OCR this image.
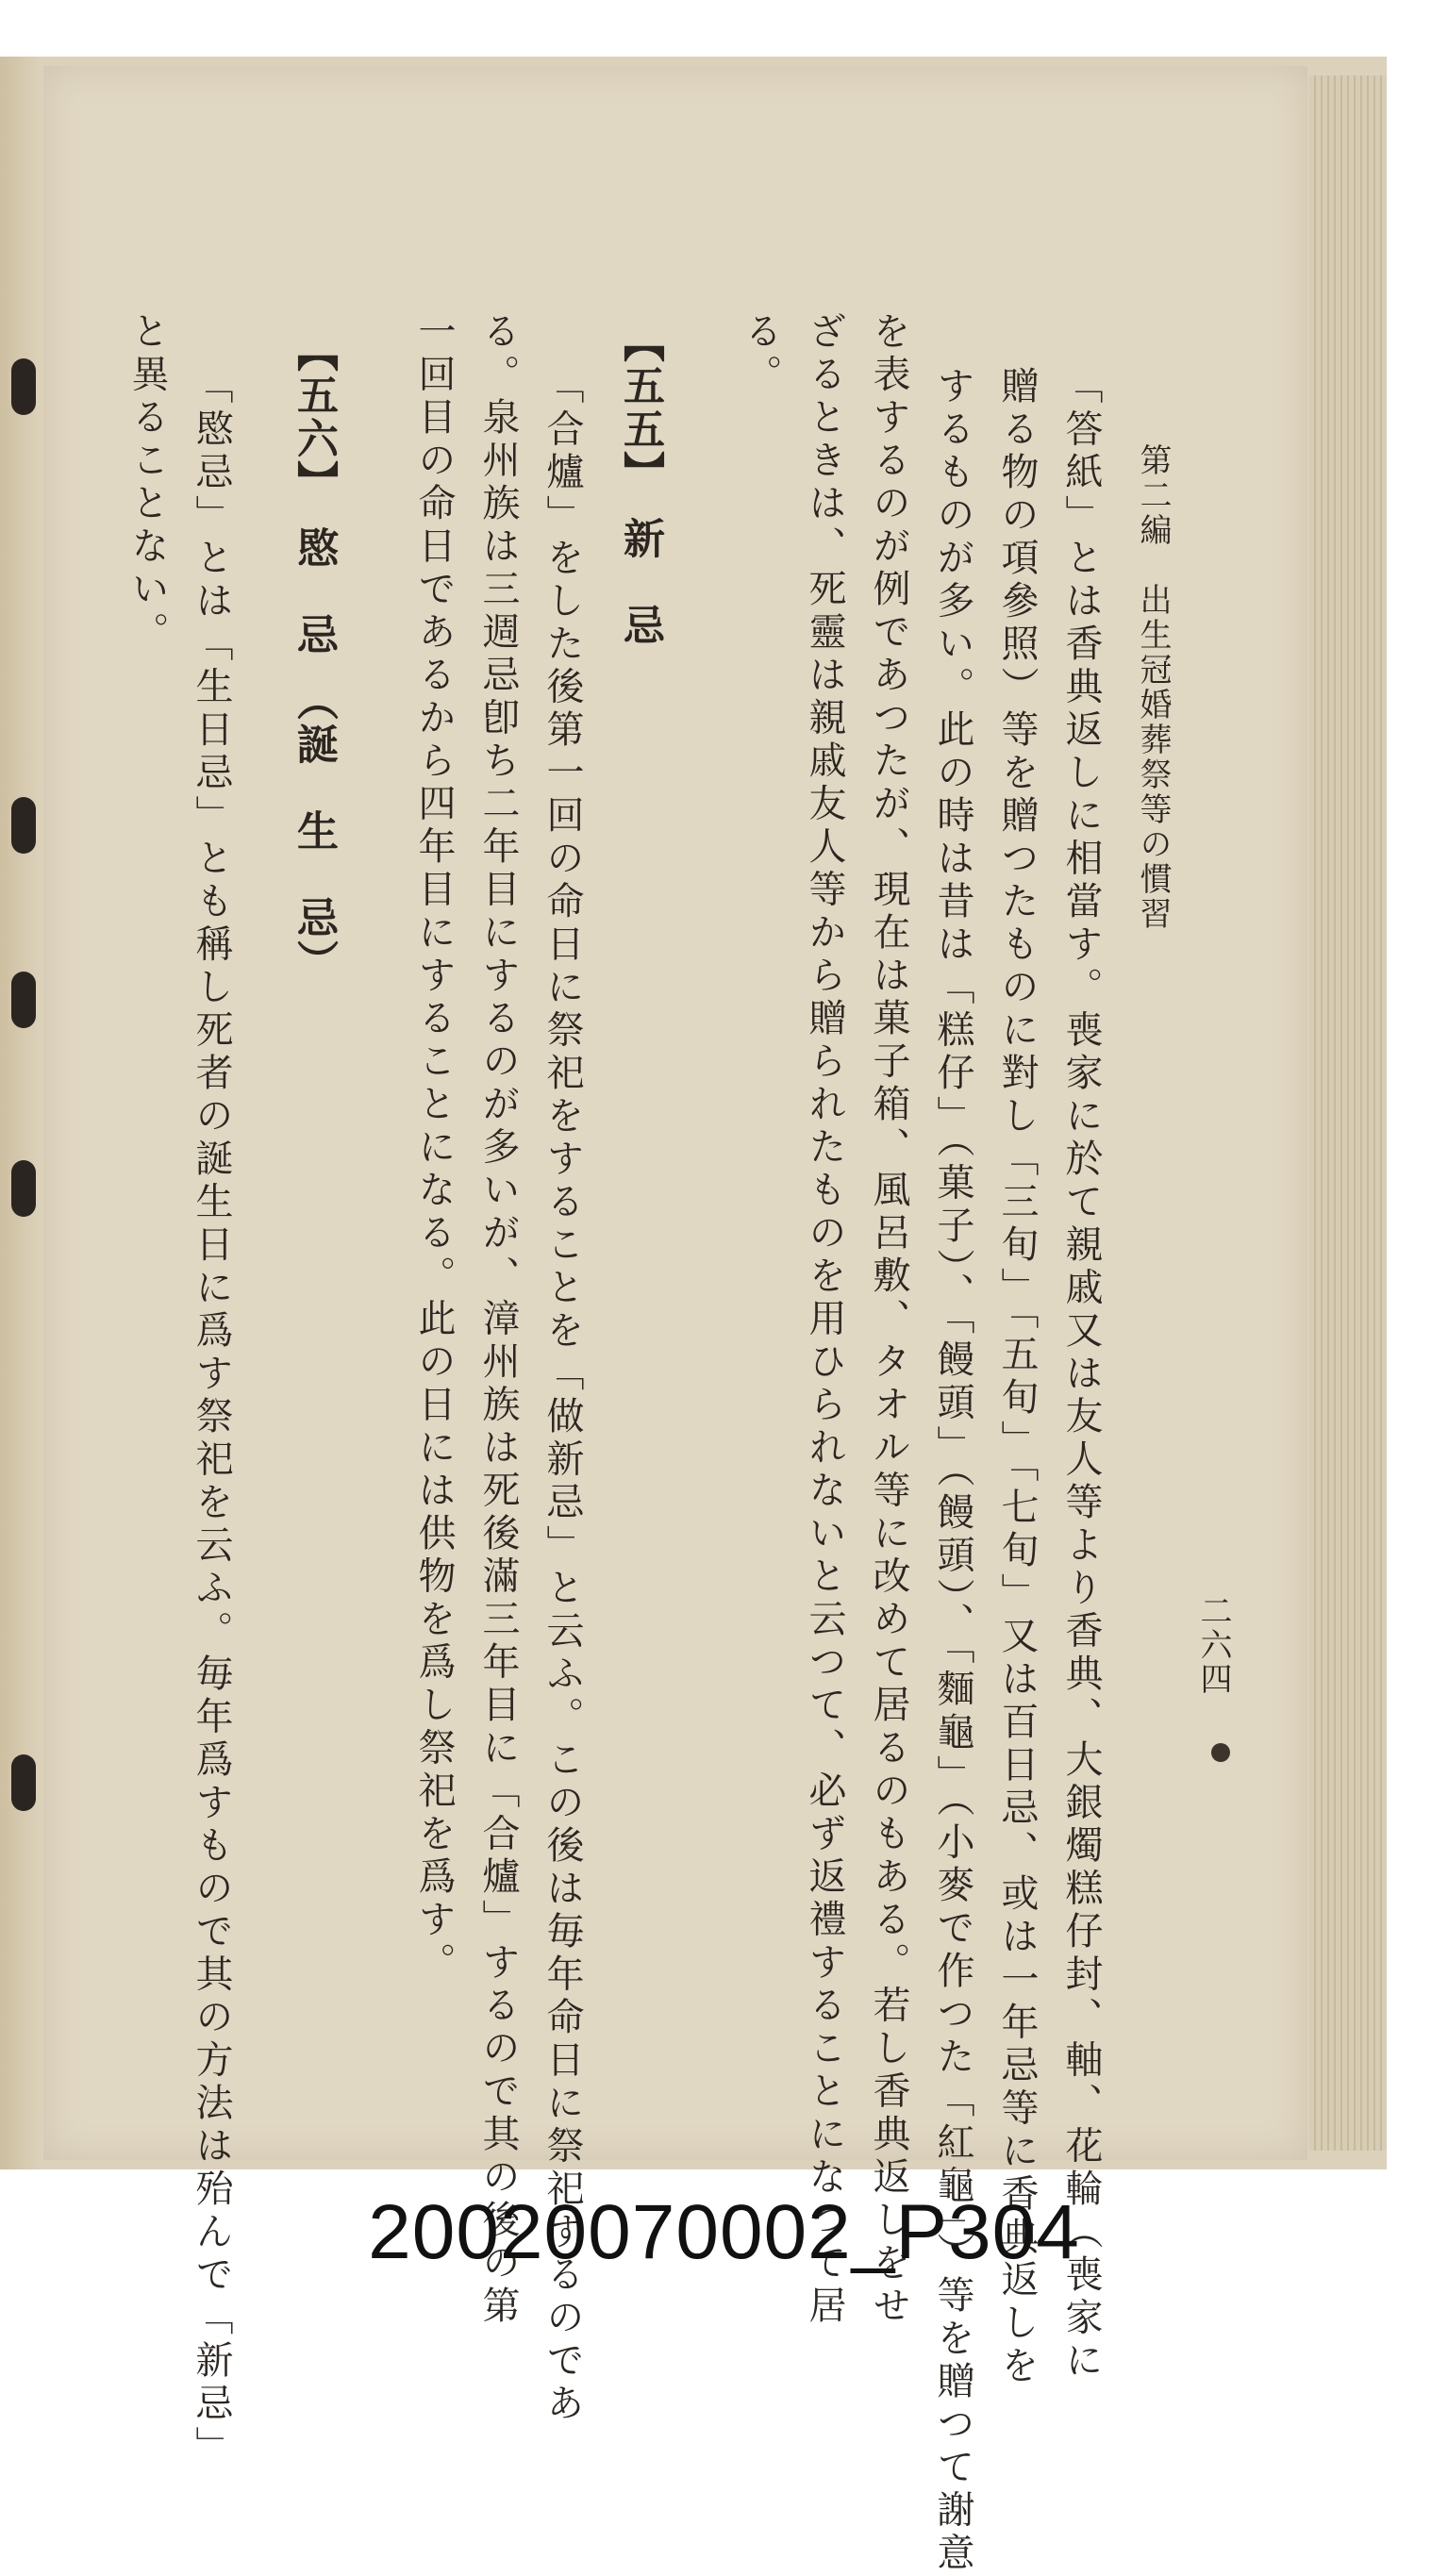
第二編　出生冠婚葬祭等の慣習
二六四
「答紙」とは香典返しに相當す。喪家に於て親戚又は友人等より香典、大銀燭糕仔封、軸、花輪（喪家に
贈る物の項參照）等を贈つたものに對し「三旬」「五旬」「七旬」又は百日忌、或は一年忌等に香典返しを
するものが多い。此の時は昔は「糕仔」（菓子）、「饅頭」（饅頭）、「麵龜」（小麥で作つた「紅龜」）等を贈つて謝意
を表するのが例であつたが、現在は菓子箱、風呂敷、タオル等に改めて居るのもある。若し香典返しをせ
ざるときは、死靈は親戚友人等から贈られたものを用ひられないと云つて、必ず返禮することになつて居
る。
【五五】　新　忌
「合爐」をした後第一回の命日に祭祀をすることを「做新忌」と云ふ。この後は毎年命日に祭祀するのであ
る。泉州族は三週忌卽ち二年目にするのが多いが、漳州族は死後滿三年目に「合爐」するので其の後の第
一回目の命日であるから四年目にすることになる。此の日には供物を爲し祭祀を爲す。
【五六】　愍　忌　（誕　生　忌）
「愍忌」とは「生日忌」とも稱し死者の誕生日に爲す祭祀を云ふ。毎年爲すもので其の方法は殆んで「新忌」
と異ることない。
20020070002_P304
